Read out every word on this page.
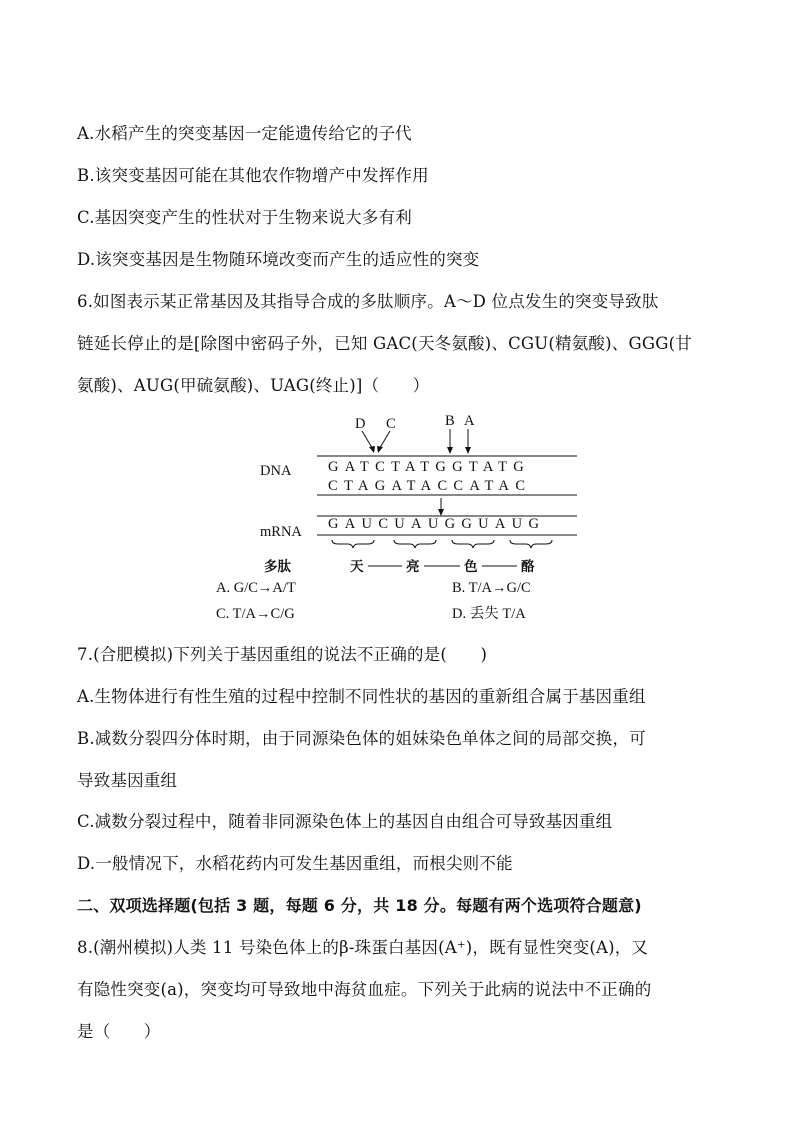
A.水稻产生的突变基因一定能遗传给它的子代
B.该突变基因可能在其他农作物增产中发挥作用
C.基因突变产生的性状对于生物来说大多有利
D.该突变基因是生物随环境改变而产生的适应性的突变
6.如图表示某正常基因及其指导合成的多肽顺序。A～D 位点发生的突变导致肽
链延长停止的是[除图中密码子外，已知 GAC(天冬氨酸)、CGU(精氨酸)、GGG(甘
氨酸)、AUG(甲硫氨酸)、UAG(终止)]（　　）
D C	B A
DNA	GATCTATGGTATG
CTAGATACCATAC
mRNA GAUCUAUGGUAUG
多肽	天	亮	色	酪
A. G/C→A/T	B. T/A→G/C
C. T/A→C/G	D. 丢失 T/A
7.(合肥模拟)下列关于基因重组的说法不正确的是(　　)
A.生物体进行有性生殖的过程中控制不同性状的基因的重新组合属于基因重组
B.减数分裂四分体时期，由于同源染色体的姐妹染色单体之间的局部交换，可
导致基因重组
C.减数分裂过程中，随着非同源染色体上的基因自由组合可导致基因重组
D.一般情况下，水稻花药内可发生基因重组，而根尖则不能
二、双项选择题(包括 3 题，每题 6 分，共 18 分。每题有两个选项符合题意)
8.(潮州模拟)人类 11 号染色体上的β-珠蛋白基因(A⁺)，既有显性突变(A)，又
有隐性突变(a)，突变均可导致地中海贫血症。下列关于此病的说法中不正确的
是（　　）
